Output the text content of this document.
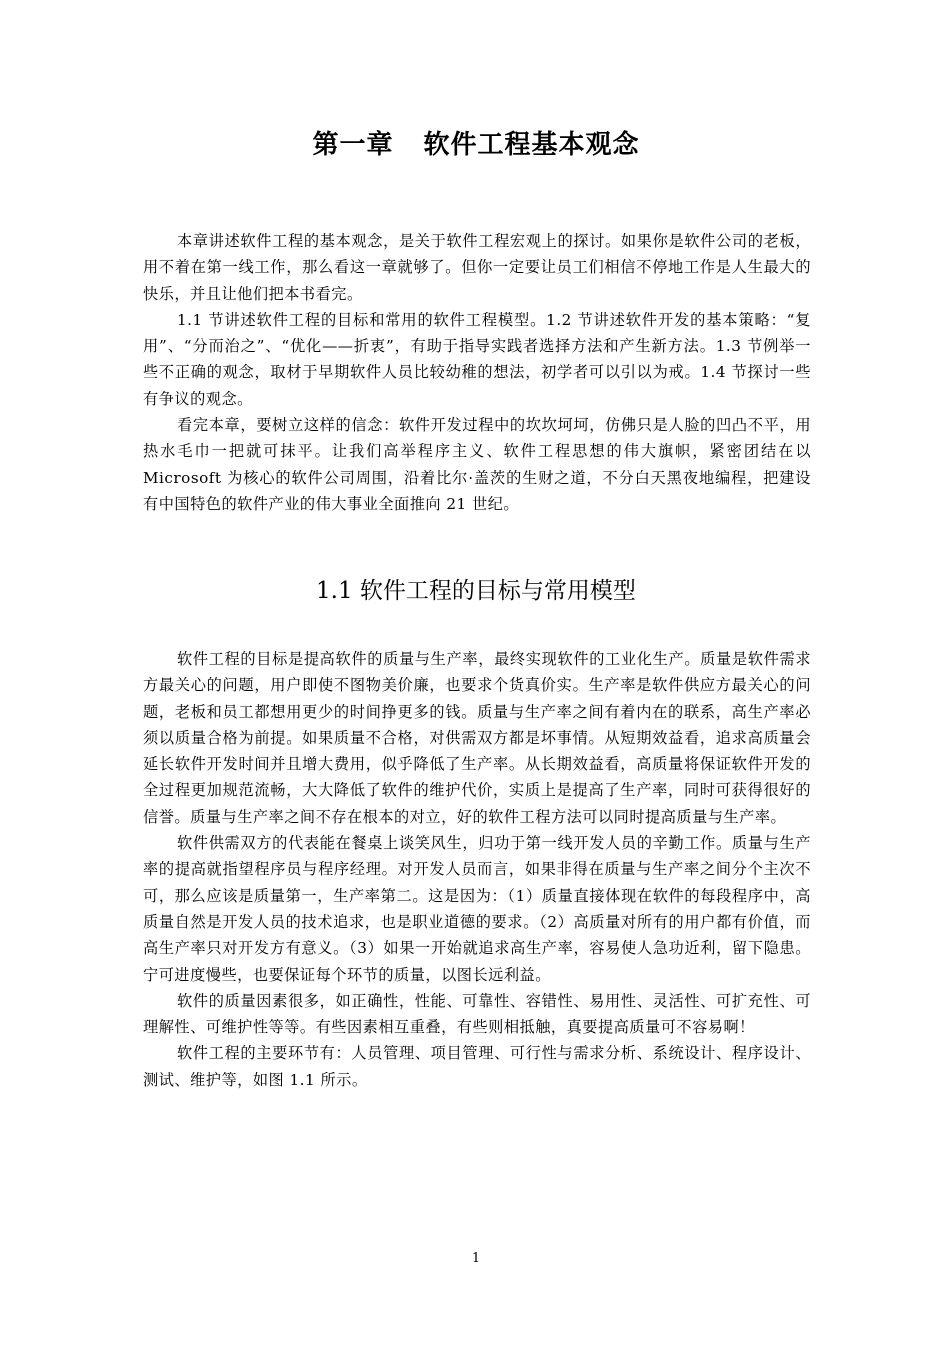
第一章 软件工程基本观念

本章讲述软件工程的基本观念，是关于软件工程宏观上的探讨。如果你是软件公司的老板，用不着在第一线工作，那么看这一章就够了。但你一定要让员工们相信不停地工作是人生最大的快乐，并且让他们把本书看完。

1.1 节讲述软件工程的目标和常用的软件工程模型。1.2 节讲述软件开发的基本策略：“复用”、“分而治之”、“优化——折衷”，有助于指导实践者选择方法和产生新方法。1.3 节例举一些不正确的观念，取材于早期软件人员比较幼稚的想法，初学者可以引以为戒。1.4 节探讨一些有争议的观念。

看完本章，要树立这样的信念：软件开发过程中的坎坎坷坷，仿佛只是人脸的凹凸不平，用热水毛巾一把就可抹平。让我们高举程序主义、软件工程思想的伟大旗帜，紧密团结在以 Microsoft 为核心的软件公司周围，沿着比尔·盖茨的生财之道，不分白天黑夜地编程，把建设有中国特色的软件产业的伟大事业全面推向 21 世纪。

1.1 软件工程的目标与常用模型

软件工程的目标是提高软件的质量与生产率，最终实现软件的工业化生产。质量是软件需求方最关心的问题，用户即使不图物美价廉，也要求个货真价实。生产率是软件供应方最关心的问题，老板和员工都想用更少的时间挣更多的钱。质量与生产率之间有着内在的联系，高生产率必须以质量合格为前提。如果质量不合格，对供需双方都是坏事情。从短期效益看，追求高质量会延长软件开发时间并且增大费用，似乎降低了生产率。从长期效益看，高质量将保证软件开发的全过程更加规范流畅，大大降低了软件的维护代价，实质上是提高了生产率，同时可获得很好的信誉。质量与生产率之间不存在根本的对立，好的软件工程方法可以同时提高质量与生产率。

软件供需双方的代表能在餐桌上谈笑风生，归功于第一线开发人员的辛勤工作。质量与生产率的提高就指望程序员与程序经理。对开发人员而言，如果非得在质量与生产率之间分个主次不可，那么应该是质量第一，生产率第二。这是因为：（1）质量直接体现在软件的每段程序中，高质量自然是开发人员的技术追求，也是职业道德的要求。（2）高质量对所有的用户都有价值，而高生产率只对开发方有意义。（3）如果一开始就追求高生产率，容易使人急功近利，留下隐患。宁可进度慢些，也要保证每个环节的质量，以图长远利益。

软件的质量因素很多，如正确性，性能、可靠性、容错性、易用性、灵活性、可扩充性、可理解性、可维护性等等。有些因素相互重叠，有些则相抵触，真要提高质量可不容易啊！

软件工程的主要环节有：人员管理、项目管理、可行性与需求分析、系统设计、程序设计、测试、维护等，如图 1.1 所示。

1
